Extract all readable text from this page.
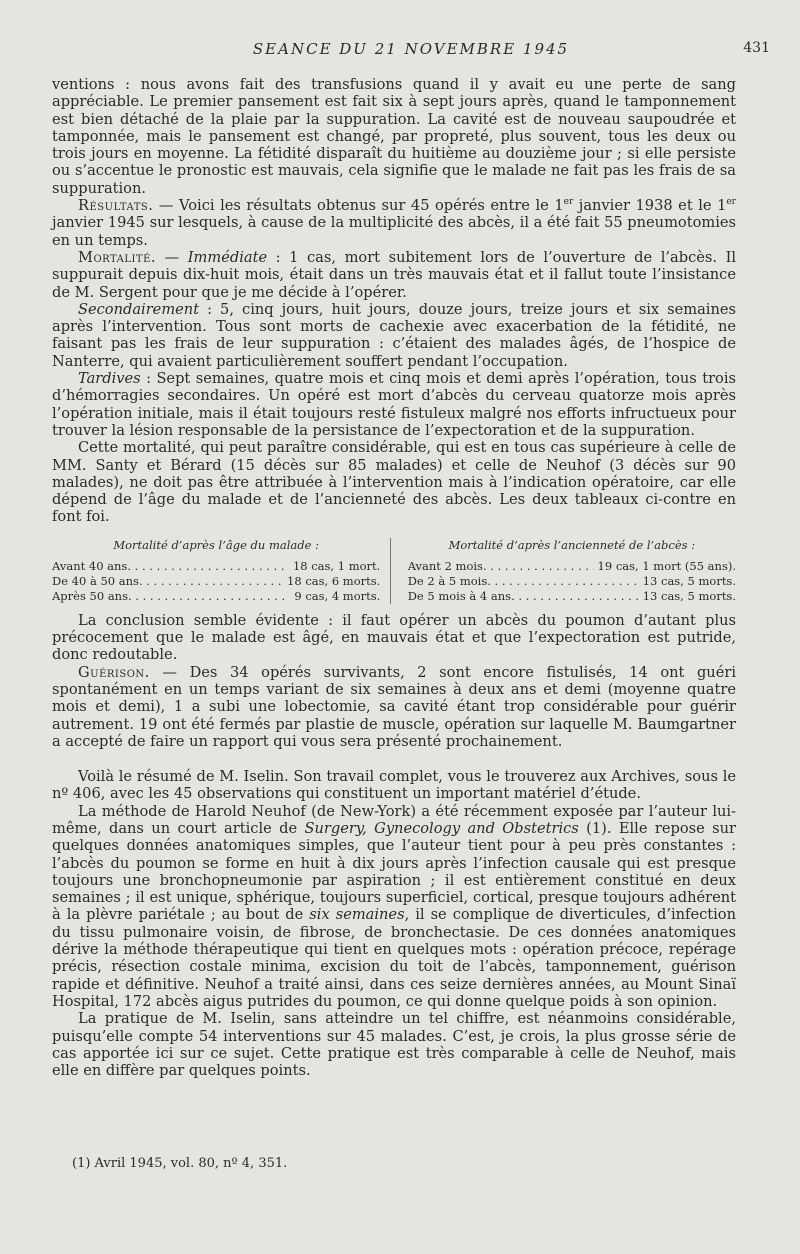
SEANCE DU 21 NOVEMBRE 1945	431

ventions : nous avons fait des transfusions quand il y avait eu une perte de sang appréciable. Le premier pansement est fait six à sept jours après, quand le tamponnement est bien détaché de la plaie par la suppuration. La cavité est de nouveau saupoudrée et tamponnée, mais le pansement est changé, par propreté, plus souvent, tous les deux ou trois jours en moyenne. La fétidité disparaît du huitième au douzième jour ; si elle persiste ou s’accentue le pronostic est mauvais, cela signifie que le malade ne fait pas les frais de sa suppuration.

Résultats. — Voici les résultats obtenus sur 45 opérés entre le 1er janvier 1938 et le 1er janvier 1945 sur lesquels, à cause de la multiplicité des abcès, il a été fait 55 pneumotomies en un temps.

Mortalité. — Immédiate : 1 cas, mort subitement lors de l’ouverture de l’abcès. Il suppurait depuis dix-huit mois, était dans un très mauvais état et il fallut toute l’insistance de M. Sergent pour que je me décide à l’opérer.

Secondairement : 5, cinq jours, huit jours, douze jours, treize jours et six semaines après l’intervention. Tous sont morts de cachexie avec exacerbation de la fétidité, ne faisant pas les frais de leur suppuration : c’étaient des malades âgés, de l’hospice de Nanterre, qui avaient particulièrement souffert pendant l’occupation.

Tardives : Sept semaines, quatre mois et cinq mois et demi après l’opération, tous trois d’hémorragies secondaires. Un opéré est mort d’abcès du cerveau quatorze mois après l’opération initiale, mais il était toujours resté fistuleux malgré nos efforts infructueux pour trouver la lésion responsable de la persistance de l’expectoration et de la suppuration.

Cette mortalité, qui peut paraître considérable, qui est en tous cas supérieure à celle de MM. Santy et Bérard (15 décès sur 85 malades) et celle de Neuhof (3 décès sur 90 malades), ne doit pas être attribuée à l’intervention mais à l’indication opératoire, car elle dépend de l’âge du malade et de l’ancienneté des abcès. Les deux tableaux ci-contre en font foi.

Mortalité d’après l’âge du malade :
Avant 40 ans . . .	18 cas, 1 mort.
De 40 à 50 ans . . .	18 cas, 6 morts.
Après 50 ans . . .	9 cas, 4 morts.
Mortalité d’après l’ancienneté de l’abcès :
Avant 2 mois . . .	19 cas, 1 mort (55 ans).
De 2 à 5 mois . . .	13 cas, 5 morts.
De 5 mois à 4 ans . . .	13 cas, 5 morts.

La conclusion semble évidente : il faut opérer un abcès du poumon d’autant plus précocement que le malade est âgé, en mauvais état et que l’expectoration est putride, donc redoutable.

Guérison. — Des 34 opérés survivants, 2 sont encore fistulisés, 14 ont guéri spontanément en un temps variant de six semaines à deux ans et demi (moyenne quatre mois et demi), 1 a subi une lobectomie, sa cavité étant trop considérable pour guérir autrement. 19 ont été fermés par plastie de muscle, opération sur laquelle M. Baumgartner a accepté de faire un rapport qui vous sera présenté prochainement.

Voilà le résumé de M. Iselin. Son travail complet, vous le trouverez aux Archives, sous le nº 406, avec les 45 observations qui constituent un important matériel d’étude.

La méthode de Harold Neuhof (de New-York) a été récemment exposée par l’auteur lui-même, dans un court article de Surgery, Gynecology and Obstetrics (1). Elle repose sur quelques données anatomiques simples, que l’auteur tient pour à peu près constantes : l’abcès du poumon se forme en huit à dix jours après l’infection causale qui est presque toujours une bronchopneumonie par aspiration ; il est entièrement constitué en deux semaines ; il est unique, sphérique, toujours superficiel, cortical, presque toujours adhérent à la plèvre pariétale ; au bout de six semaines, il se complique de diverticules, d’infection du tissu pulmonaire voisin, de fibrose, de bronchectasie. De ces données anatomiques dérive la méthode thérapeutique qui tient en quelques mots : opération précoce, repérage précis, résection costale minima, excision du toit de l’abcès, tamponnement, guérison rapide et définitive. Neuhof a traité ainsi, dans ces seize dernières années, au Mount Sinaï Hospital, 172 abcès aigus putrides du poumon, ce qui donne quelque poids à son opinion.

La pratique de M. Iselin, sans atteindre un tel chiffre, est néanmoins considérable, puisqu’elle compte 54 interventions sur 45 malades. C’est, je crois, la plus grosse série de cas apportée ici sur ce sujet. Cette pratique est très comparable à celle de Neuhof, mais elle en diffère par quelques points.

(1) Avril 1945, vol. 80, nº 4, 351.
